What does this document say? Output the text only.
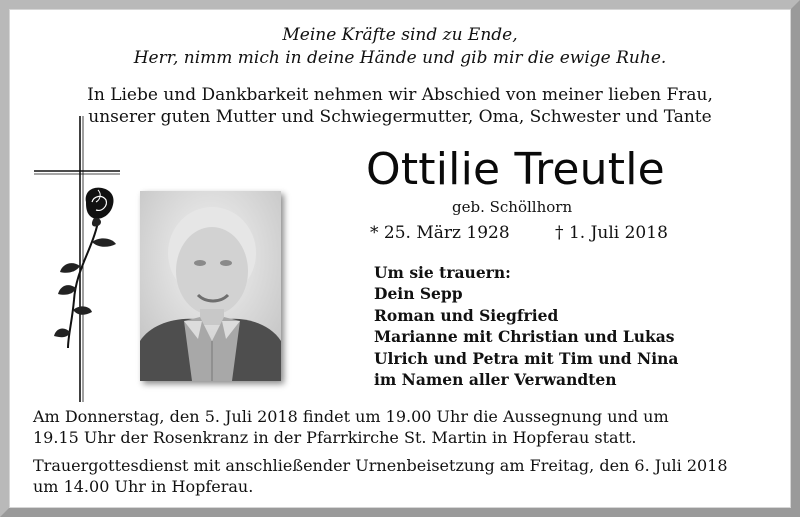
Meine Kräfte sind zu Ende,
Herr, nimm mich in deine Hände und gib mir die ewige Ruhe.
In Liebe und Dankbarkeit nehmen wir Abschied von meiner lieben Frau,
unserer guten Mutter und Schwiegermutter, Oma, Schwester und Tante
Ottilie Treutle
geb. Schöllhorn
* 25. März 1928	† 1. Juli 2018
Um sie trauern:
Dein Sepp
Roman und Siegfried
Marianne mit Christian und Lukas
Ulrich und Petra mit Tim und Nina
im Namen aller Verwandten
Am Donnerstag, den 5. Juli 2018 findet um 19.00 Uhr die Aussegnung und um
19.15 Uhr der Rosenkranz in der Pfarrkirche St. Martin in Hopferau statt.
Trauergottesdienst mit anschließender Urnenbeisetzung am Freitag, den 6. Juli 2018
um 14.00 Uhr in Hopferau.
